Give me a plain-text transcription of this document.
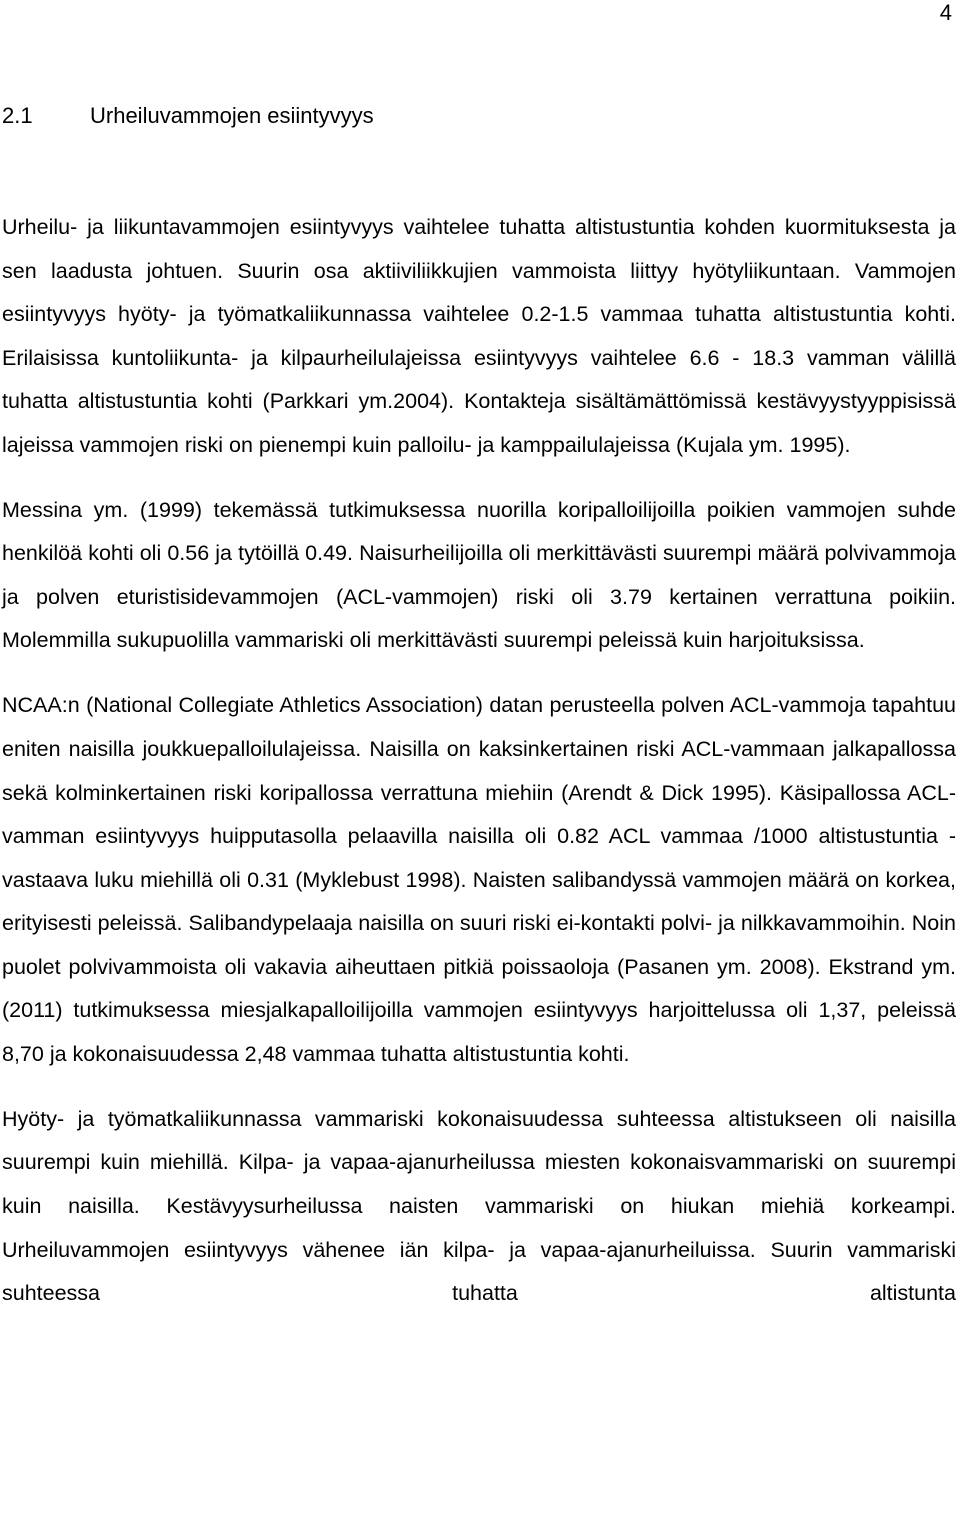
4
2.1	Urheiluvammojen esiintyvyys

Urheilu- ja liikuntavammojen esiintyvyys vaihtelee tuhatta altistustuntia kohden kuormituksesta ja sen laadusta johtuen. Suurin osa aktiiviliikkujien vammoista liittyy hyötyliikuntaan. Vammojen esiintyvyys hyöty- ja työmatkaliikunnassa vaihtelee 0.2-1.5 vammaa tuhatta altistustuntia kohti. Erilaisissa kuntoliikunta- ja kilpaurheilulajeissa esiintyvyys vaihtelee 6.6 - 18.3 vamman välillä tuhatta altistustuntia kohti (Parkkari ym.2004). Kontakteja sisältämättömissä kestävyystyyppisissä lajeissa vammojen riski on pienempi kuin palloilu- ja kamppailulajeissa (Kujala ym. 1995).

Messina ym. (1999) tekemässä tutkimuksessa nuorilla koripalloilijoilla poikien vammojen suhde henkilöä kohti oli 0.56 ja tytöillä 0.49. Naisurheilijoilla oli merkittävästi suurempi määrä polvivammoja ja polven eturistisidevammojen (ACL-vammojen) riski oli 3.79 kertainen verrattuna poikiin. Molemmilla sukupuolilla vammariski oli merkittävästi suurempi peleissä kuin harjoituksissa.

NCAA:n (National Collegiate Athletics Association) datan perusteella polven ACL-vammoja tapahtuu eniten naisilla joukkuepalloilulajeissa. Naisilla on kaksinkertainen riski ACL-vammaan jalkapallossa sekä kolminkertainen riski koripallossa verrattuna miehiin (Arendt & Dick 1995). Käsipallossa ACL-vamman esiintyvyys huipputasolla pelaavilla naisilla oli 0.82 ACL vammaa /1000 altistustuntia - vastaava luku miehillä oli 0.31 (Myklebust 1998). Naisten salibandyssä vammojen määrä on korkea, erityisesti peleissä. Salibandypelaaja naisilla on suuri riski ei-kontakti polvi- ja nilkkavammoihin. Noin puolet polvivammoista oli vakavia aiheuttaen pitkiä poissaoloja (Pasanen ym. 2008). Ekstrand ym.(2011) tutkimuksessa miesjalkapalloilijoilla vammojen esiintyvyys harjoittelussa oli 1,37, peleissä 8,70 ja kokonaisuudessa 2,48 vammaa tuhatta altistustuntia kohti.

Hyöty- ja työmatkaliikunnassa vammariski kokonaisuudessa suhteessa altistukseen oli naisilla suurempi kuin miehillä. Kilpa- ja vapaa-ajanurheilussa miesten kokonaisvammariski on suurempi kuin naisilla. Kestävyysurheilussa naisten vammariski on hiukan miehiä korkeampi. Urheiluvammojen esiintyvyys vähenee iän kilpa- ja vapaa-ajanurheiluissa. Suurin vammariski suhteessa tuhatta altistunta
